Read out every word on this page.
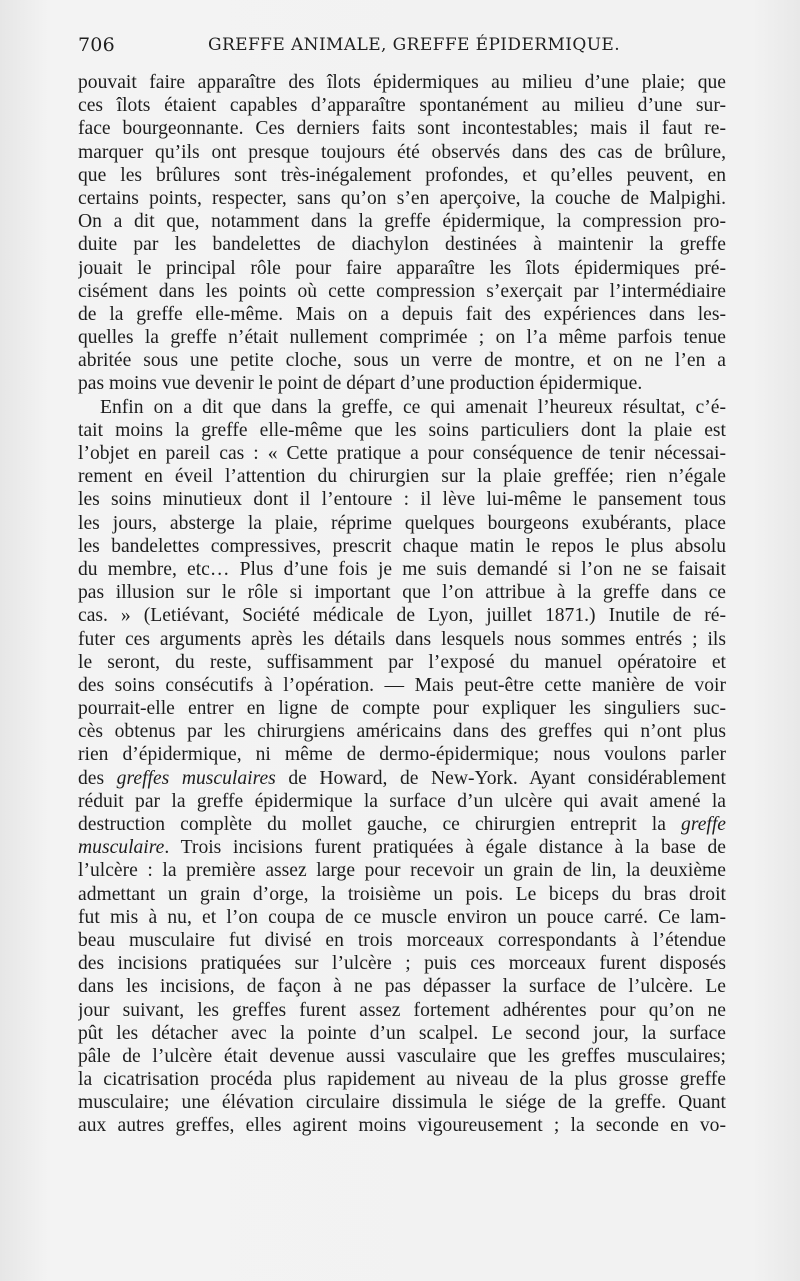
706	GREFFE ANIMALE, GREFFE ÉPIDERMIQUE.
pouvait faire apparaître des îlots épidermiques au milieu d’une plaie; que
ces îlots étaient capables d’apparaître spontanément au milieu d’une sur-
face bourgeonnante. Ces derniers faits sont incontestables; mais il faut re-
marquer qu’ils ont presque toujours été observés dans des cas de brûlure,
que les brûlures sont très-inégalement profondes, et qu’elles peuvent, en
certains points, respecter, sans qu’on s’en aperçoive, la couche de Malpighi.
On a dit que, notamment dans la greffe épidermique, la compression pro-
duite par les bandelettes de diachylon destinées à maintenir la greffe
jouait le principal rôle pour faire apparaître les îlots épidermiques pré-
cisément dans les points où cette compression s’exerçait par l’intermédiaire
de la greffe elle-même. Mais on a depuis fait des expériences dans les-
quelles la greffe n’était nullement comprimée ; on l’a même parfois tenue
abritée sous une petite cloche, sous un verre de montre, et on ne l’en a
pas moins vue devenir le point de départ d’une production épidermique.
Enfin on a dit que dans la greffe, ce qui amenait l’heureux résultat, c’é-
tait moins la greffe elle-même que les soins particuliers dont la plaie est
l’objet en pareil cas : « Cette pratique a pour conséquence de tenir nécessai-
rement en éveil l’attention du chirurgien sur la plaie greffée; rien n’égale
les soins minutieux dont il l’entoure : il lève lui-même le pansement tous
les jours, absterge la plaie, réprime quelques bourgeons exubérants, place
les bandelettes compressives, prescrit chaque matin le repos le plus absolu
du membre, etc… Plus d’une fois je me suis demandé si l’on ne se faisait
pas illusion sur le rôle si important que l’on attribue à la greffe dans ce
cas. » (Letiévant, Société médicale de Lyon, juillet 1871.) Inutile de ré-
futer ces arguments après les détails dans lesquels nous sommes entrés ; ils
le seront, du reste, suffisamment par l’exposé du manuel opératoire et
des soins consécutifs à l’opération. — Mais peut-être cette manière de voir
pourrait-elle entrer en ligne de compte pour expliquer les singuliers suc-
cès obtenus par les chirurgiens américains dans des greffes qui n’ont plus
rien d’épidermique, ni même de dermo-épidermique; nous voulons parler
des greffes musculaires de Howard, de New-York. Ayant considérablement
réduit par la greffe épidermique la surface d’un ulcère qui avait amené la
destruction complète du mollet gauche, ce chirurgien entreprit la greffe
musculaire. Trois incisions furent pratiquées à égale distance à la base de
l’ulcère : la première assez large pour recevoir un grain de lin, la deuxième
admettant un grain d’orge, la troisième un pois. Le biceps du bras droit
fut mis à nu, et l’on coupa de ce muscle environ un pouce carré. Ce lam-
beau musculaire fut divisé en trois morceaux correspondants à l’étendue
des incisions pratiquées sur l’ulcère ; puis ces morceaux furent disposés
dans les incisions, de façon à ne pas dépasser la surface de l’ulcère. Le
jour suivant, les greffes furent assez fortement adhérentes pour qu’on ne
pût les détacher avec la pointe d’un scalpel. Le second jour, la surface
pâle de l’ulcère était devenue aussi vasculaire que les greffes musculaires;
la cicatrisation procéda plus rapidement au niveau de la plus grosse greffe
musculaire; une élévation circulaire dissimula le siége de la greffe. Quant
aux autres greffes, elles agirent moins vigoureusement ; la seconde en vo-
